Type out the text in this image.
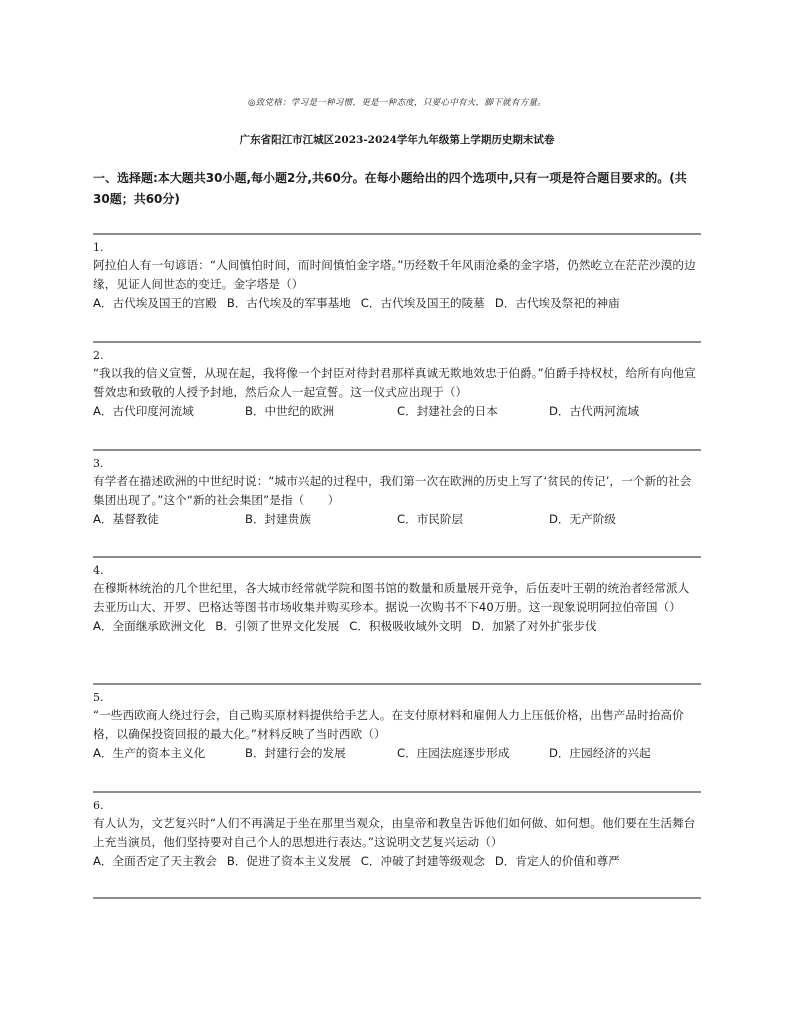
◎致党格：学习是一种习惯，更是一种态度，只要心中有火，脚下就有方量。
广东省阳江市江城区2023-2024学年九年级第上学期历史期末试卷
一、选择题:本大题共30小题,每小题2分,共60分。在每小题给出的四个选项中,只有一项是符合题目要求的。(共30题；共60分)
1.
阿拉伯人有一句谚语：“人间慎怕时间，而时间慎怕金字塔。”历经数千年风雨沧桑的金字塔，仍然屹立在茫茫沙漠的边缘，见证人间世态的变迁。金字塔是（）
A．古代埃及国王的宫殿 B．古代埃及的军事基地 C．古代埃及国王的陵墓 D．古代埃及祭祀的神庙
2.
“我以我的信义宣誓，从现在起，我将像一个封臣对待封君那样真诚无欺地效忠于伯爵。”伯爵手持权杖，给所有向他宣誓效忠和致敬的人授予封地，然后众人一起宣誓。这一仪式应出现于（）
A．古代印度河流域	B．中世纪的欧洲	C．封建社会的日本	D．古代两河流域
3.
有学者在描述欧洲的中世纪时说：“城市兴起的过程中，我们第一次在欧洲的历史上写了‘贫民的传记’，一个新的社会集团出现了。”这个“新的社会集团”是指（　　）
A．基督教徒	B．封建贵族	C．市民阶层	D．无产阶级
4.
在穆斯林统治的几个世纪里，各大城市经常就学院和图书馆的数量和质量展开竞争，后伍麦叶王朝的统治者经常派人去亚历山大、开罗、巴格达等图书市场收集并购买珍本。据说一次购书不下40万册。这一现象说明阿拉伯帝国（）
A．全面继承欧洲文化 B．引领了世界文化发展 C．积极吸收域外文明 D．加紧了对外扩张步伐
5.
“一些西欧商人绕过行会，自己购买原材料提供给手艺人。在支付原材料和雇佣人力上压低价格，出售产品时抬高价格，以确保投资回报的最大化。”材料反映了当时西欧（）
A．生产的资本主义化	B．封建行会的发展	C．庄园法庭逐步形成	D．庄园经济的兴起
6.
有人认为，文艺复兴时“人们不再满足于坐在那里当观众，由皇帝和教皇告诉他们如何做、如何想。他们要在生活舞台上充当演员，他们坚持要对自己个人的思想进行表达。”这说明文艺复兴运动（）
A．全面否定了天主教会 B．促进了资本主义发展 C．冲破了封建等级观念 D．肯定人的价值和尊严
